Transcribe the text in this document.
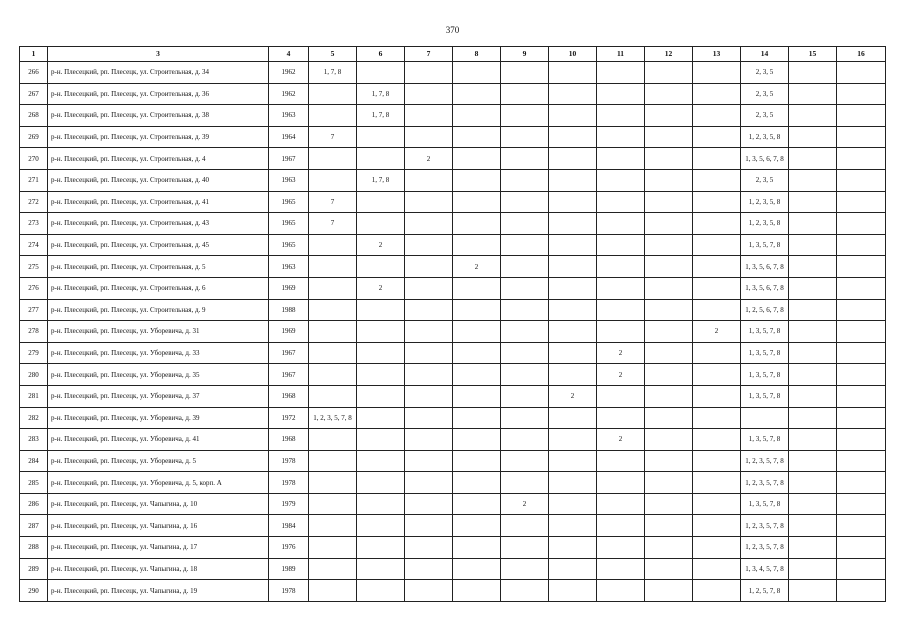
370
1	3	4	5	6	7	8	9	10	11	12	13	14	15	16
266	р-н. Плесецкий, рп. Плесецк, ул. Строительная, д. 34	1962	1, 7, 8									2, 3, 5		
267	р-н. Плесецкий, рп. Плесецк, ул. Строительная, д. 36	1962		1, 7, 8								2, 3, 5		
268	р-н. Плесецкий, рп. Плесецк, ул. Строительная, д. 38	1963		1, 7, 8								2, 3, 5		
269	р-н. Плесецкий, рп. Плесецк, ул. Строительная, д. 39	1964	7									1, 2, 3, 5, 8		
270	р-н. Плесецкий, рп. Плесецк, ул. Строительная, д. 4	1967			2							1, 3, 5, 6, 7, 8		
271	р-н. Плесецкий, рп. Плесецк, ул. Строительная, д. 40	1963		1, 7, 8								2, 3, 5		
272	р-н. Плесецкий, рп. Плесецк, ул. Строительная, д. 41	1965	7									1, 2, 3, 5, 8		
273	р-н. Плесецкий, рп. Плесецк, ул. Строительная, д. 43	1965	7									1, 2, 3, 5, 8		
274	р-н. Плесецкий, рп. Плесецк, ул. Строительная, д. 45	1965		2								1, 3, 5, 7, 8		
275	р-н. Плесецкий, рп. Плесецк, ул. Строительная, д. 5	1963				2						1, 3, 5, 6, 7, 8		
276	р-н. Плесецкий, рп. Плесецк, ул. Строительная, д. 6	1969		2								1, 3, 5, 6, 7, 8		
277	р-н. Плесецкий, рп. Плесецк, ул. Строительная, д. 9	1988										1, 2, 5, 6, 7, 8		
278	р-н. Плесецкий, рп. Плесецк, ул. Уборевича, д. 31	1969									2	1, 3, 5, 7, 8		
279	р-н. Плесецкий, рп. Плесецк, ул. Уборевича, д. 33	1967							2			1, 3, 5, 7, 8		
280	р-н. Плесецкий, рп. Плесецк, ул. Уборевича, д. 35	1967							2			1, 3, 5, 7, 8		
281	р-н. Плесецкий, рп. Плесецк, ул. Уборевича, д. 37	1968						2				1, 3, 5, 7, 8		
282	р-н. Плесецкий, рп. Плесецк, ул. Уборевича, д. 39	1972	1, 2, 3, 5, 7, 8											
283	р-н. Плесецкий, рп. Плесецк, ул. Уборевича, д. 41	1968							2			1, 3, 5, 7, 8		
284	р-н. Плесецкий, рп. Плесецк, ул. Уборевича, д. 5	1978										1, 2, 3, 5, 7, 8		
285	р-н. Плесецкий, рп. Плесецк, ул. Уборевича, д. 5, корп. А	1978										1, 2, 3, 5, 7, 8		
286	р-н. Плесецкий, рп. Плесецк, ул. Чапыгина, д. 10	1979					2					1, 3, 5, 7, 8		
287	р-н. Плесецкий, рп. Плесецк, ул. Чапыгина, д. 16	1984										1, 2, 3, 5, 7, 8		
288	р-н. Плесецкий, рп. Плесецк, ул. Чапыгина, д. 17	1976										1, 2, 3, 5, 7, 8		
289	р-н. Плесецкий, рп. Плесецк, ул. Чапыгина, д. 18	1989										1, 3, 4, 5, 7, 8		
290	р-н. Плесецкий, рп. Плесецк, ул. Чапыгина, д. 19	1978										1, 2, 5, 7, 8		
